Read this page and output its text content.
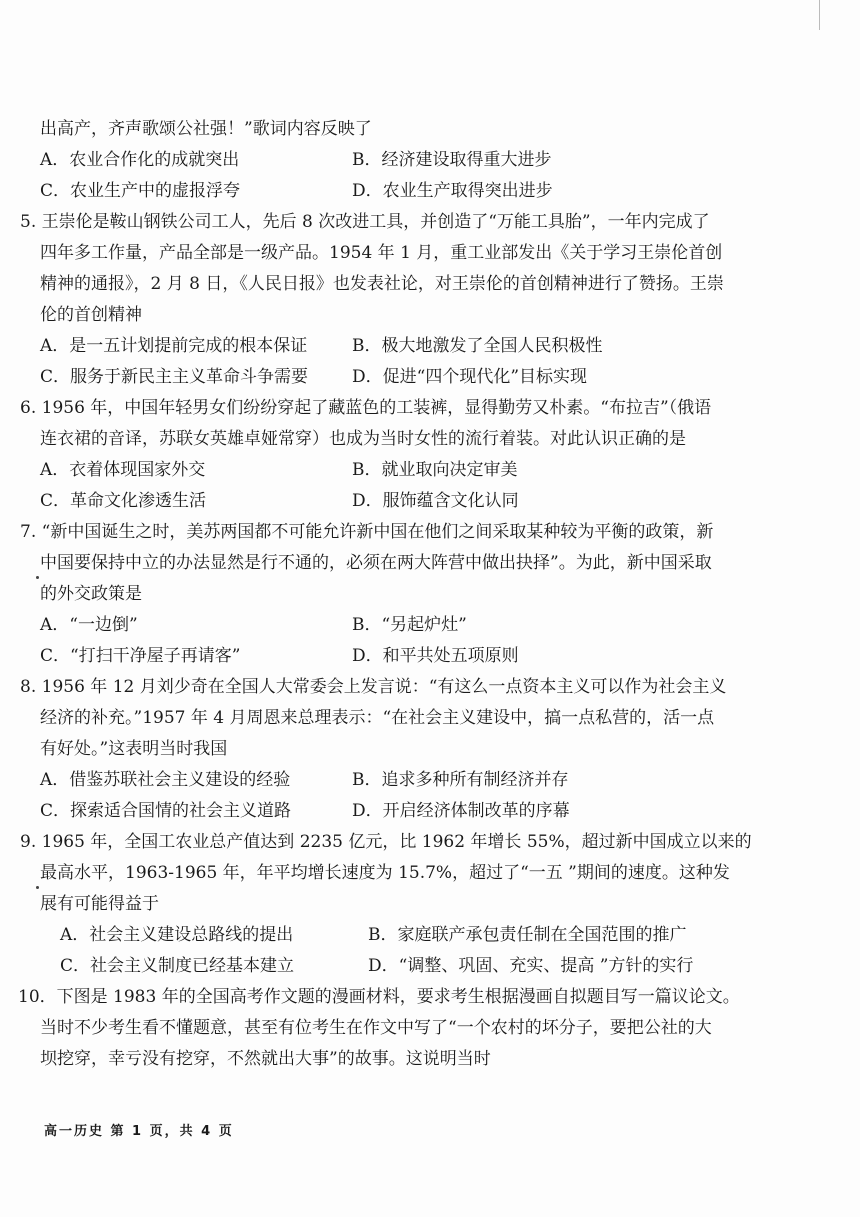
出高产，齐声歌颂公社强！”歌词内容反映了
A．农业合作化的成就突出	B．经济建设取得重大进步
C．农业生产中的虚报浮夸	D．农业生产取得突出进步
5. 王崇伦是鞍山钢铁公司工人，先后 8 次改进工具，并创造了“万能工具胎”，一年内完成了
四年多工作量，产品全部是一级产品。1954 年 1 月，重工业部发出《关于学习王崇伦首创
精神的通报》，2 月 8 日，《人民日报》也发表社论，对王崇伦的首创精神进行了赞扬。王崇
伦的首创精神
A．是一五计划提前完成的根本保证	B．极大地激发了全国人民积极性
C．服务于新民主主义革命斗争需要	D．促进“四个现代化”目标实现
6. 1956 年，中国年轻男女们纷纷穿起了藏蓝色的工装裤，显得勤劳又朴素。“布拉吉”（俄语
连衣裙的音译，苏联女英雄卓娅常穿）也成为当时女性的流行着装。对此认识正确的是
A．衣着体现国家外交	B．就业取向决定审美
C．革命文化渗透生活	D．服饰蕴含文化认同
7. “新中国诞生之时，美苏两国都不可能允许新中国在他们之间采取某种较为平衡的政策，新
中国要保持中立的办法显然是行不通的，必须在两大阵营中做出抉择”。为此，新中国采取
的外交政策是
A．“一边倒”	B．“另起炉灶”
C．“打扫干净屋子再请客”	D．和平共处五项原则
8. 1956 年 12 月刘少奇在全国人大常委会上发言说：“有这么一点资本主义可以作为社会主义
经济的补充。”1957 年 4 月周恩来总理表示：“在社会主义建设中，搞一点私营的，活一点
有好处。”这表明当时我国
A．借鉴苏联社会主义建设的经验	B．追求多种所有制经济并存
C．探索适合国情的社会主义道路	D．开启经济体制改革的序幕
9. 1965 年，全国工农业总产值达到 2235 亿元，比 1962 年增长 55%，超过新中国成立以来的
最高水平，1963-1965 年，年平均增长速度为 15.7%，超过了“一五 ”期间的速度。这种发
展有可能得益于
A．社会主义建设总路线的提出	B．家庭联产承包责任制在全国范围的推广
C．社会主义制度已经基本建立	D．“调整、巩固、充实、提高 ”方针的实行
10．下图是 1983 年的全国高考作文题的漫画材料，要求考生根据漫画自拟题目写一篇议论文。
当时不少考生看不懂题意，甚至有位考生在作文中写了“一个农村的坏分子，要把公社的大
坝挖穿，幸亏没有挖穿，不然就出大事”的故事。这说明当时
高一历史 第 1 页，共 4 页
